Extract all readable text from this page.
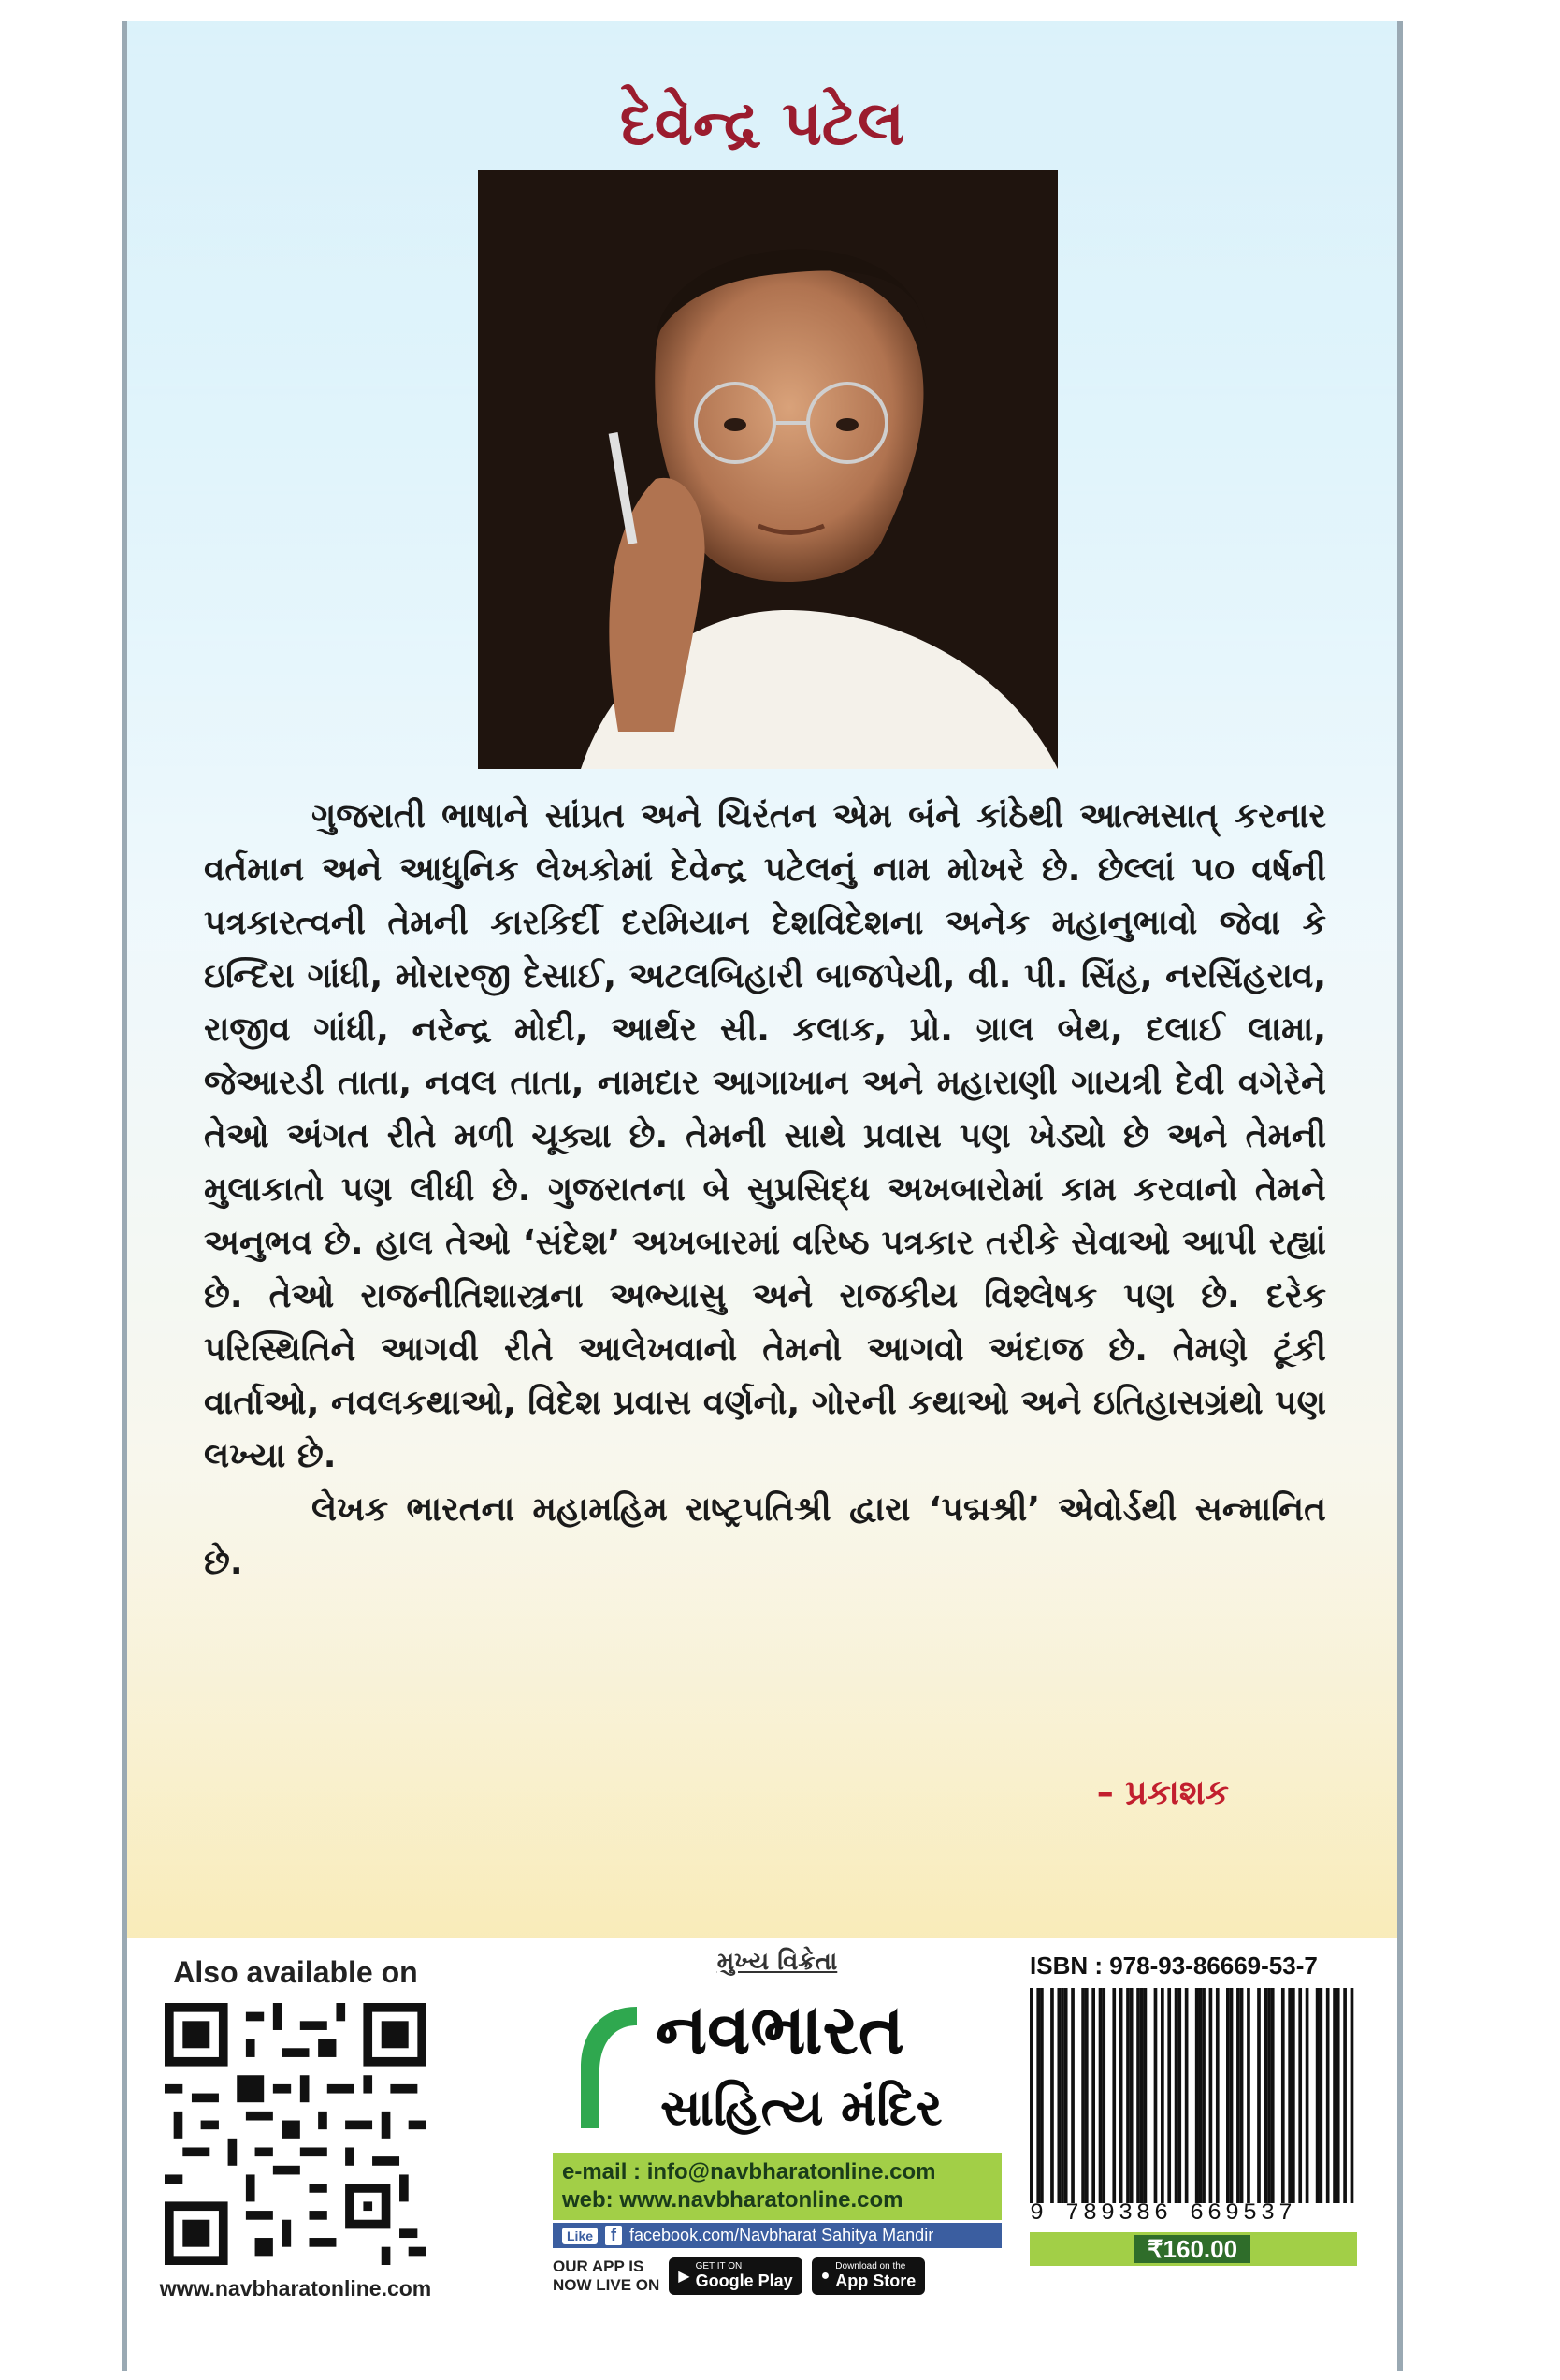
દેવેન્દ્ર પટેલ

ગુજરાતી ભાષાને સાંપ્રત અને ચિરંતન એમ બંને કાંઠેથી આત્મસાત્ કરનાર વર્તમાન અને આધુનિક લેખકોમાં દેવેન્દ્ર પટેલનું નામ મોખરે છે. છેલ્લાં ૫૦ વર્ષની પત્રકારત્વની તેમની કારકિર્દી દરમિયાન દેશવિદેશના અનેક મહાનુભાવો જેવા કે ઇન્દિરા ગાંધી, મોરારજી દેસાઈ, અટલબિહારી બાજપેયી, વી. પી. સિંહ, નરસિંહરાવ, રાજીવ ગાંધી, નરેન્દ્ર મોદી, આર્થર સી. કલાક, પ્રો. ગ્રાલ બેથ, દલાઈ લામા, જેઆરડી તાતા, નવલ તાતા, નામદાર આગાખાન અને મહારાણી ગાયત્રી દેવી વગેરેને તેઓ અંગત રીતે મળી ચૂક્યા છે. તેમની સાથે પ્રવાસ પણ ખેડ્યો છે અને તેમની મુલાકાતો પણ લીધી છે. ગુજરાતના બે સુપ્રસિદ્ધ અખબારોમાં કામ કરવાનો તેમને અનુભવ છે. હાલ તેઓ ‘સંદેશ’ અખબારમાં વરિષ્ઠ પત્રકાર તરીકે સેવાઓ આપી રહ્યાં છે. તેઓ રાજનીતિશાસ્ત્રના અભ્યાસુ અને રાજકીય વિશ્લેષક પણ છે. દરેક પરિસ્થિતિને આગવી રીતે આલેખવાનો તેમનો આગવો અંદાજ છે. તેમણે ટૂંકી વાર્તાઓ, નવલકથાઓ, વિદેશ પ્રવાસ વર્ણનો, ગોરની કથાઓ અને ઇતિહાસગ્રંથો પણ લખ્યા છે.

લેખક ભારતના મહામહિમ રાષ્ટ્રપતિશ્રી દ્વારા ‘પદ્મશ્રી’ એવોર્ડથી સન્માનિત છે.

– પ્રકાશક
Also available on
www.navbharatonline.com
મુખ્ય વિક્રેતા
નવભારત
સાહિત્ય મંદિર
e-mail : info@navbharatonline.com
web: www.navbharatonline.com
Like	f facebook.com/Navbharat Sahitya Mandir
OUR APP IS
NOW LIVE ON ▶
GET IT ON
Google Play ●
Download on the
App Store
ISBN : 978-93-86669-53-7
9 789386 669537
₹160.00
